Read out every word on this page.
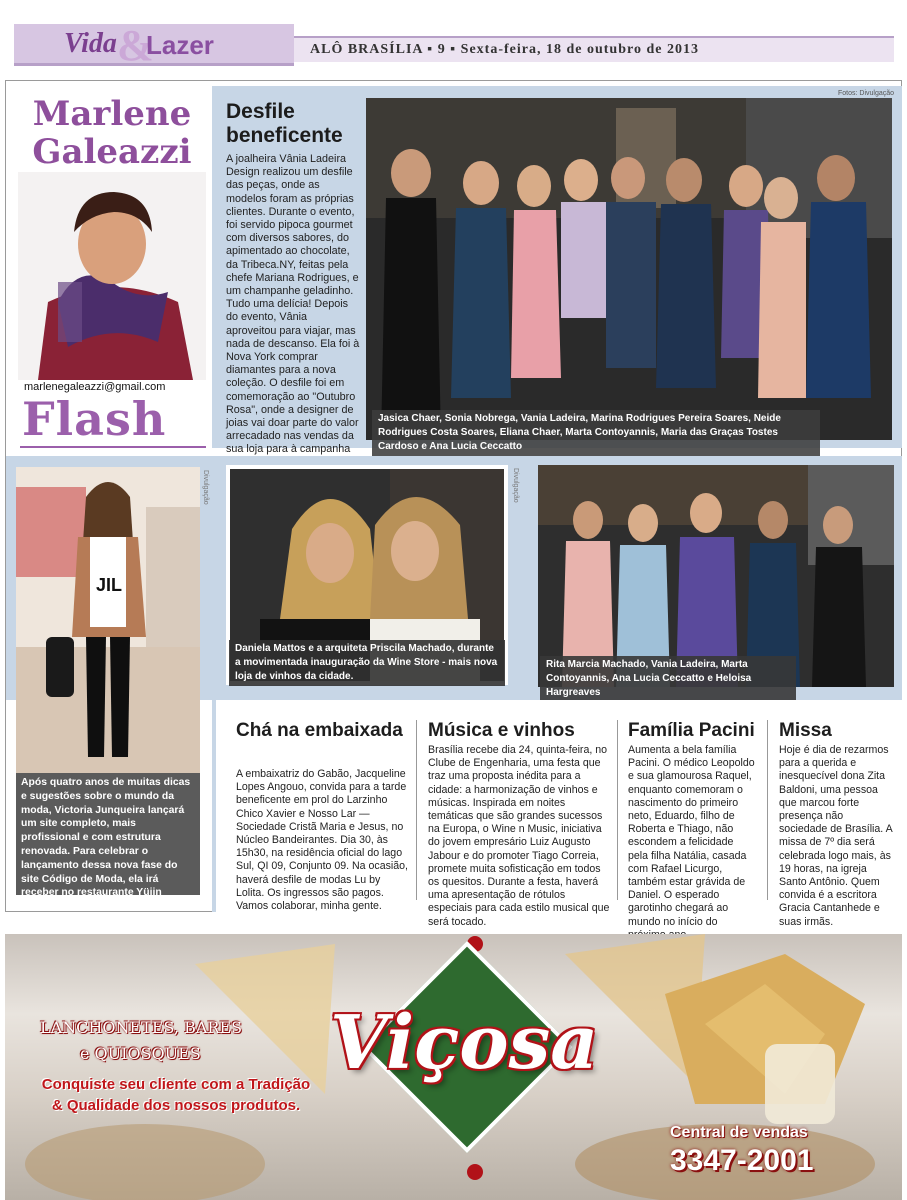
Vida &
Lazer	ALÔ BRASÍLIA ▪ 9 ▪ Sexta-feira, 18 de outubro de 2013
Marlene Galeazzi
marlenegaleazzi@gmail.com
Flash
Desfile beneficente
A joalheira Vânia Ladeira Design realizou um desfile das peças, onde as modelos foram as próprias clientes. Durante o evento, foi servido pipoca gourmet com diversos sabores, do apimentado ao chocolate, da Tribeca.NY, feitas pela chefe Mariana Rodrigues, e um champanhe geladinho. Tudo uma delícia! Depois do evento, Vânia aproveitou para viajar, mas nada de descanso. Ela foi à Nova York comprar diamantes para a nova coleção. O desfile foi em comemoração ao "Outubro Rosa", onde a designer de joias vai doar parte do valor arrecadado nas vendas da sua loja para à campanha
Fotos: Divulgação
Jasica Chaer, Sonia Nobrega, Vania Ladeira, Marina Rodrigues Pereira Soares, Neide Rodrigues Costa Soares, Eliana Chaer, Marta Contoyannis, Maria das Graças Tostes Cardoso e Ana Lucia Ceccatto
JIL
Divulgação
Após quatro anos de muitas dicas e sugestões sobre o mundo da moda, Victoria Junqueira lançará um site completo, mais profissional e com estrutura renovada. Para celebrar o lançamento dessa nova fase do site Código de Moda, ela irá receber no restaurante Yüjin amigos e jornalistas no dia 22 de outubro, às 18h.
Divulgação
Daniela Mattos e a arquiteta Priscila Machado, durante a movimentada inauguração da Wine Store - mais nova loja de vinhos da cidade.
Rita Marcia Machado, Vania Ladeira, Marta Contoyannis, Ana Lucia Ceccatto e Heloisa Hargreaves
Chá na embaixada
A embaixatriz do Gabão, Jacqueline Lopes Angouo, convida para a tarde beneficente em prol do Larzinho Chico Xavier e Nosso Lar — Sociedade Cristã Maria e Jesus, no Núcleo Bandeirantes. Dia 30, às 15h30, na residência oficial do lago Sul, QI 09, Conjunto 09. Na ocasião, haverá desfile de modas Lu by Lolita. Os ingressos são pagos. Vamos colaborar, minha gente.
Música e vinhos
Brasília recebe dia 24, quinta-feira, no Clube de Engenharia, uma festa que traz uma proposta inédita para a cidade: a harmonização de vinhos e músicas. Inspirada em noites temáticas que são grandes sucessos na Europa, o Wine n Music, iniciativa do jovem empresário Luiz Augusto Jabour e do promoter Tiago Correia, promete muita sofisticação em todos os quesitos. Durante a festa, haverá uma apresentação de rótulos especiais para cada estilo musical que será tocado.
Família Pacini
Aumenta a bela família Pacini. O médico Leopoldo e sua glamourosa Raquel, enquanto comemoram o nascimento do primeiro neto, Eduardo, filho de Roberta e Thiago, não escondem a felicidade pela filha Natália, casada com Rafael Licurgo, também estar grávida de Daniel. O esperado garotinho chegará ao mundo no início do
Missa
Hoje é dia de rezarmos para a querida e inesquecível dona Zita Baldoni, uma pessoa que marcou forte presença não sociedade de Brasília. A missa de 7º dia será celebrada logo mais, às 19 horas, na igreja Santo Antônio. Quem convida é a escritora Gracia Cantanhede e suas irmãs.
Viçosa
LANCHONETES, BARES
e QUIOSQUES
Conquiste seu cliente com a Tradição & Qualidade dos nossos produtos.
Central de vendas
3347-2001
